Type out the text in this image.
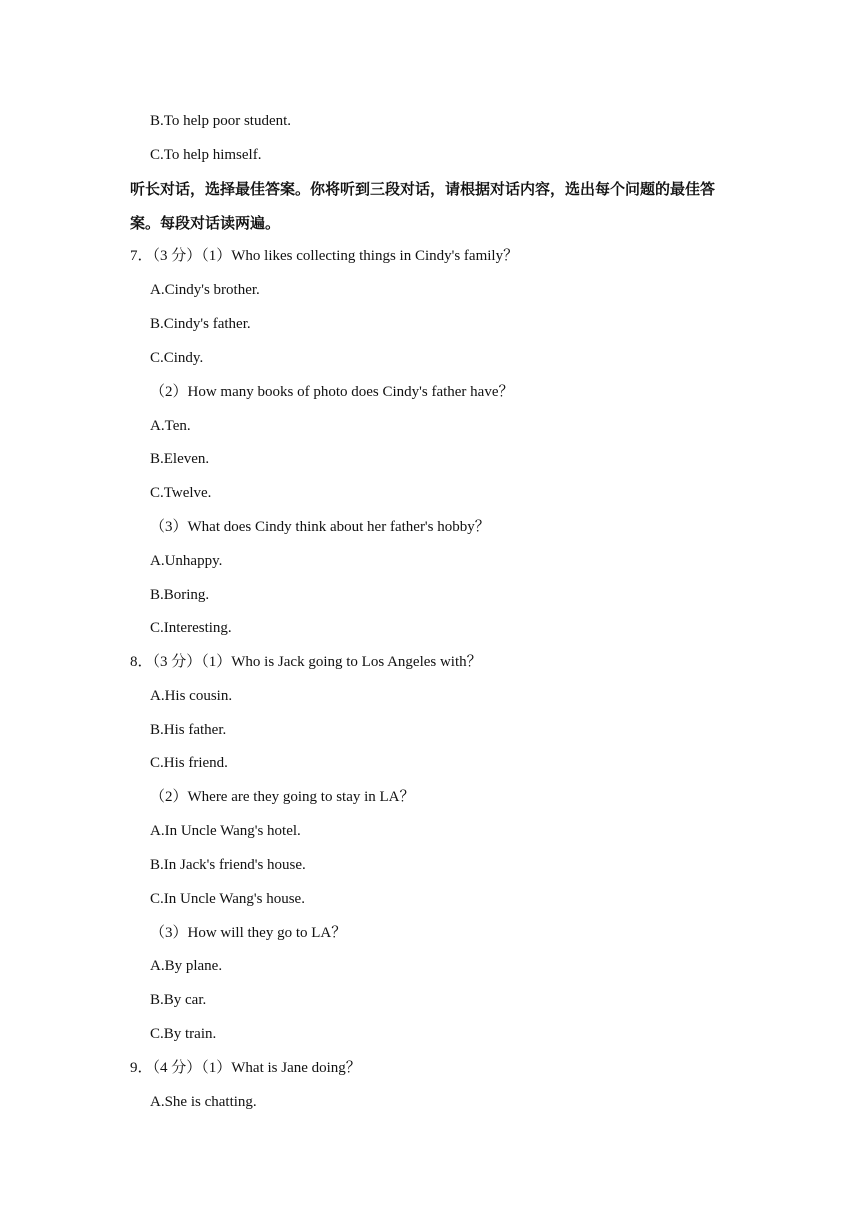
B.To help poor student.
C.To help himself.
听长对话，选择最佳答案。你将听到三段对话，请根据对话内容，选出每个问题的最佳答
案。每段对话读两遍。
7．（3 分）（1）Who likes collecting things in Cindy's family？
A.Cindy's brother.
B.Cindy's father.
C.Cindy.
（2）How many books of photo does Cindy's father have？
A.Ten.
B.Eleven.
C.Twelve.
（3）What does Cindy think about her father's hobby？
A.Unhappy.
B.Boring.
C.Interesting.
8．（3 分）（1）Who is Jack going to Los Angeles with？
A.His cousin.
B.His father.
C.His friend.
（2）Where are they going to stay in LA？
A.In Uncle Wang's hotel.
B.In Jack's friend's house.
C.In Uncle Wang's house.
（3）How will they go to LA？
A.By plane.
B.By car.
C.By train.
9．（4 分）（1）What is Jane doing？
A.She is chatting.
